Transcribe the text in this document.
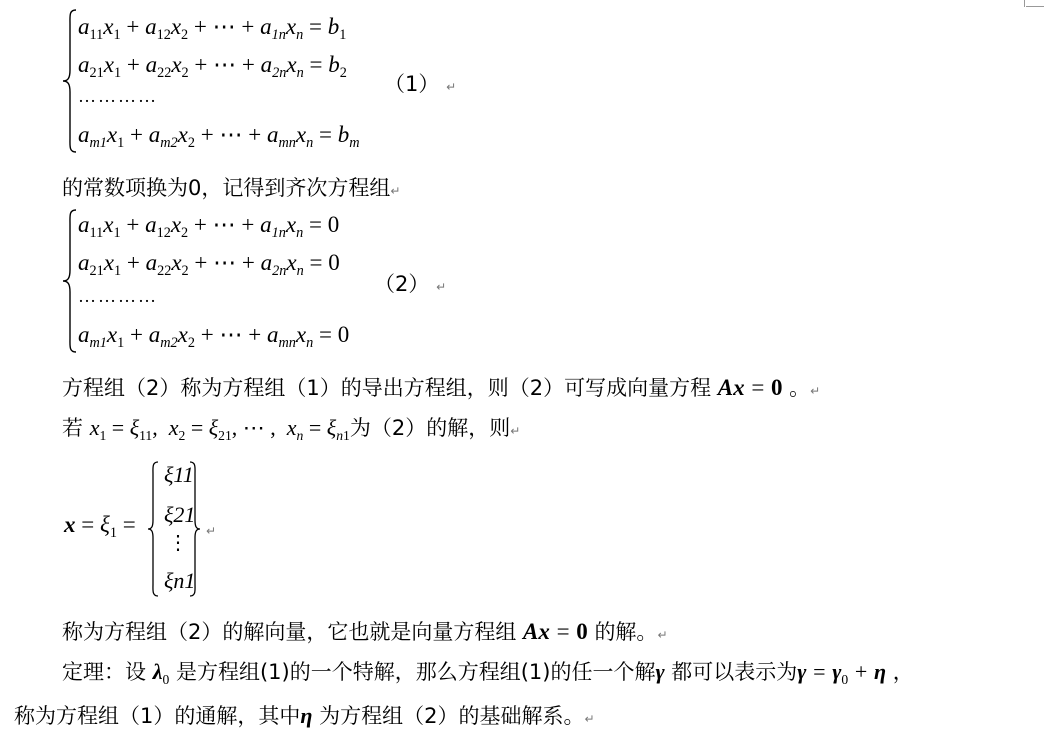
$a_{11}x_1 + a_{12}x_2$ + ⋯ + $a_{1n}x_n = b_1$
$a_{21}x_1 + a_{22}x_2$ + ⋯ + $a_{2n}x_n = b_2$
…………
$a_{m1}x_1 + a_{m2}x_2$ + ⋯ + $a_{mn}x_n = b_m$
（1） ↵
的常数项换为0，记得到齐次方程组↵
$a_{11}x_1 + a_{12}x_2$ + ⋯ + $a_{1n}x_n = 0$
$a_{21}x_1 + a_{22}x_2$ + ⋯ + $a_{2n}x_n = 0$
…………
$a_{m1}x_1 + a_{m2}x_2$ + ⋯ + $a_{mn}x_n = 0$
（2） ↵
方程组（2）称为方程组（1）的导出方程组，则（2）可写成向量方程 Ax = 0 。↵
若 $x_1 = \xi_{11}$,  $x_2 = \xi_{21}$, ⋯ ,  $x_n = \xi_{n1}$为（2）的解，则↵
$x = \xi_1$ =
ξ11
ξ21
⋮
ξn1
↵
称为方程组（2）的解向量，它也就是向量方程组 Ax = 0 的解。↵
定理：设 $\lambda_0$ 是方程组(1)的一个特解，那么方程组(1)的任一个解γ 都可以表示为$\gamma = \gamma_0 + \eta$ ，
称为方程组（1）的通解，其中η 为方程组（2）的基础解系。↵
